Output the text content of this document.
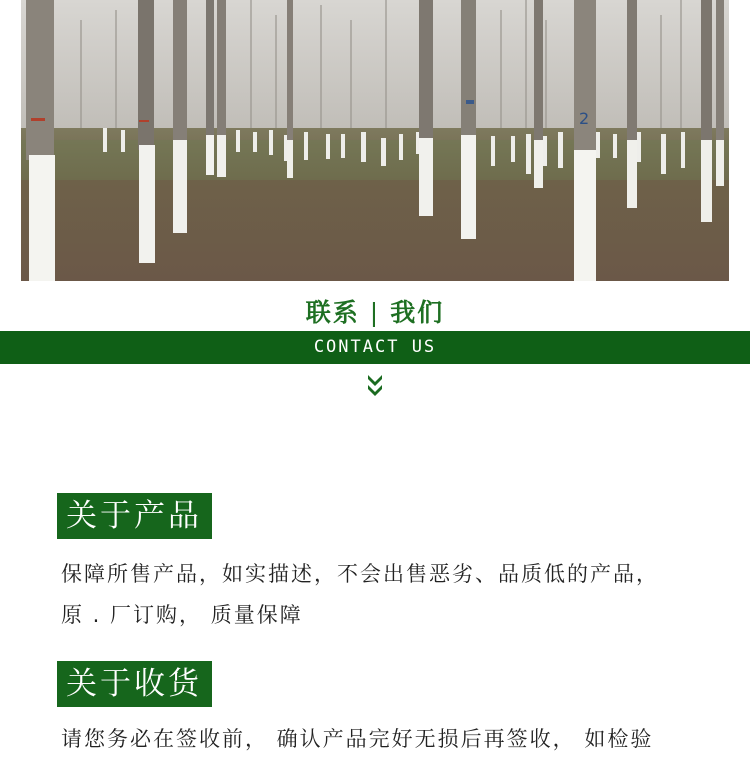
2
联系 | 我们
CONTACT US
关于产品

保障所售产品，如实描述，不会出售恶劣、品质低的产品，

原 . 厂订购， 质量保障

关于收货

请您务必在签收前， 确认产品完好无损后再签收， 如检验
